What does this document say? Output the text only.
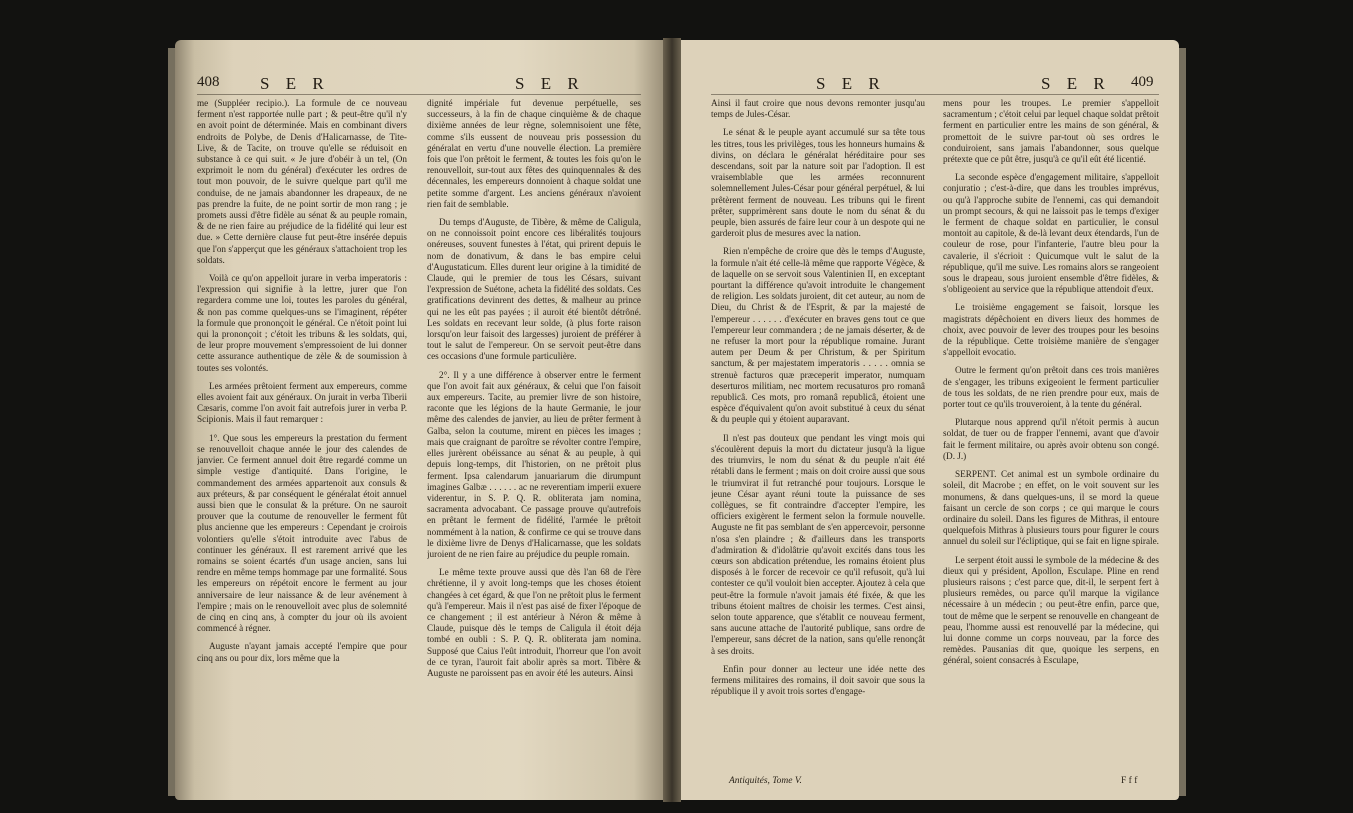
408 S E R	S E R

me (Suppléer recipio.). La formule de ce nouveau ferment n'est rapportée nulle part ; & peut-être qu'il n'y en avoit point de déterminée. Mais en combinant divers endroits de Polybe, de Denis d'Halicarnasse, de Tite-Live, & de Tacite, on trouve qu'elle se réduisoit en substance à ce qui suit. « Je jure d'obéir à un tel, (On exprimoit le nom du général) d'exécuter les ordres de tout mon pouvoir, de le suivre quelque part qu'il me conduise, de ne jamais abandonner les drapeaux, de ne pas prendre la fuite, de ne point sortir de mon rang ; je promets aussi d'être fidèle au sénat & au peuple romain, & de ne rien faire au préjudice de la fidélité qui leur est due. » Cette dernière clause fut peut-être insérée depuis que l'on s'apperçut que les généraux s'attachoient trop les soldats.

Voilà ce qu'on appelloit jurare in verba imperatoris : l'expression qui signifie à la lettre, jurer que l'on regardera comme une loi, toutes les paroles du général, & non pas comme quelques-uns se l'imaginent, répéter la formule que prononçoit le général. Ce n'étoit point lui qui la prononçoit ; c'étoit les tribuns & les soldats, qui, de leur propre mouvement s'empressoient de lui donner cette assurance authentique de zèle & de soumission à toutes ses volontés.

Les armées prêtoient ferment aux empereurs, comme elles avoient fait aux généraux. On jurait in verba Tiberii Cæsaris, comme l'on avoit fait autrefois jurer in verba P. Scipionis. Mais il faut remarquer :

1°. Que sous les empereurs la prestation du ferment se renouvelloit chaque année le jour des calendes de janvier. Ce ferment annuel doit être regardé comme un simple vestige d'antiquité. Dans l'origine, le commandement des armées appartenoit aux consuls & aux préteurs, & par conséquent le généralat étoit annuel aussi bien que le consulat & la préture. On ne sauroit prouver que la coutume de renouveller le ferment fût plus ancienne que les empereurs : Cependant je croirois volontiers qu'elle s'étoit introduite avec l'abus de continuer les généraux. Il est rarement arrivé que les romains se soient écartés d'un usage ancien, sans lui rendre en même temps hommage par une formalité. Sous les empereurs on répétoit encore le ferment au jour anniversaire de leur naissance & de leur avénement à l'empire ; mais on le renouvelloit avec plus de solemnité de cinq en cinq ans, à compter du jour où ils avoient commencé à régner.

Auguste n'ayant jamais accepté l'empire que pour cinq ans ou pour dix, lors même que la

dignité impériale fut devenue perpétuelle, ses successeurs, à la fin de chaque cinquième & de chaque dixième années de leur règne, solemnisoient une fête, comme s'ils eussent de nouveau pris possession du généralat en vertu d'une nouvelle élection. La première fois que l'on prêtoit le ferment, & toutes les fois qu'on le renouvelloit, sur-tout aux fêtes des quinquennales & des décennales, les empereurs donnoient à chaque soldat une petite somme d'argent. Les anciens généraux n'avoient rien fait de semblable.

Du temps d'Auguste, de Tibère, & même de Caligula, on ne connoissoit point encore ces libéralités toujours onéreuses, souvent funestes à l'état, qui prirent depuis le nom de donativum, & dans le bas empire celui d'Augustaticum. Elles durent leur origine à la timidité de Claude, qui le premier de tous les Césars, suivant l'expression de Suétone, acheta la fidélité des soldats. Ces gratifications devinrent des dettes, & malheur au prince qui ne les eût pas payées ; il auroit été bientôt détrôné. Les soldats en recevant leur solde, (à plus forte raison lorsqu'on leur faisoit des largesses) juroient de préférer à tout le salut de l'empereur. On se servoit peut-être dans ces occasions d'une formule particulière.

2°. Il y a une différence à observer entre le ferment que l'on avoit fait aux généraux, & celui que l'on faisoit aux empereurs. Tacite, au premier livre de son histoire, raconte que les légions de la haute Germanie, le jour même des calendes de janvier, au lieu de prêter ferment à Galba, selon la coutume, mirent en pièces les images ; mais que craignant de paroître se révolter contre l'empire, elles jurèrent obéissance au sénat & au peuple, à qui depuis long-temps, dit l'historien, on ne prêtoit plus ferment. Ipsa calendarum januariarum die dirumpunt imagines Galbæ . . . . . . ac ne reverentiam imperii exuere viderentur, in S. P. Q. R. obliterata jam nomina, sacramenta advocabant. Ce passage prouve qu'autrefois en prêtant le ferment de fidélité, l'armée le prêtoit nommément à la nation, & confirme ce qui se trouve dans le dixième livre de Denys d'Halicarnasse, que les soldats juroient de ne rien faire au préjudice du peuple romain.

Le même texte prouve aussi que dès l'an 68 de l'ère chrétienne, il y avoit long-temps que les choses étoient changées à cet égard, & que l'on ne prêtoit plus le ferment qu'à l'empereur. Mais il n'est pas aisé de fixer l'époque de ce changement ; il est antérieur à Néron & même à Claude, puisque dès le temps de Caligula il étoit déja tombé en oubli : S. P. Q. R. obliterata jam nomina. Supposé que Caius l'eût introduit, l'horreur que l'on avoit de ce tyran, l'auroit fait abolir après sa mort. Tibère & Auguste ne paroissent pas en avoir été les auteurs. Ainsi

S E R	S E R 409

Ainsi il faut croire que nous devons remonter jusqu'au temps de Jules-César.

Le sénat & le peuple ayant accumulé sur sa tête tous les titres, tous les privilèges, tous les honneurs humains & divins, on déclara le généralat héréditaire pour ses descendans, soit par la nature soit par l'adoption. Il est vraisemblable que les armées reconnurent solemnellement Jules-César pour général perpétuel, & lui prêtèrent ferment de nouveau. Les tribuns qui le firent prêter, supprimèrent sans doute le nom du sénat & du peuple, bien assurés de faire leur cour à un despote qui ne garderoit plus de mesures avec la nation.

Rien n'empêche de croire que dès le temps d'Auguste, la formule n'ait été celle-là même que rapporte Végèce, & de laquelle on se servoit sous Valentinien II, en exceptant pourtant la différence qu'avoit introduite le changement de religion. Les soldats juroient, dit cet auteur, au nom de Dieu, du Christ & de l'Esprit, & par la majesté de l'empereur . . . . . . d'exécuter en braves gens tout ce que l'empereur leur commandera ; de ne jamais déserter, & de ne refuser la mort pour la république romaine. Jurant autem per Deum & per Christum, & per Spiritum sanctum, & per majestatem imperatoris . . . . . omnia se strenuè facturos quæ præceperit imperator, numquam deserturos militiam, nec mortem recusaturos pro romanâ republicâ. Ces mots, pro romanâ republicâ, étoient une espèce d'équivalent qu'on avoit substitué à ceux du sénat & du peuple qui y étoient auparavant.

Il n'est pas douteux que pendant les vingt mois qui s'écoulèrent depuis la mort du dictateur jusqu'à la ligue des triumvirs, le nom du sénat & du peuple n'ait été rétabli dans le ferment ; mais on doit croire aussi que sous le triumvirat il fut retranché pour toujours. Lorsque le jeune César ayant réuni toute la puissance de ses collègues, se fit contraindre d'accepter l'empire, les officiers exigèrent le ferment selon la formule nouvelle. Auguste ne fit pas semblant de s'en appercevoir, personne n'osa s'en plaindre ; & d'ailleurs dans les transports d'admiration & d'idolâtrie qu'avoit excités dans tous les cœurs son abdication prétendue, les romains étoient plus disposés à le forcer de recevoir ce qu'il refusoit, qu'à lui contester ce qu'il vouloit bien accepter. Ajoutez à cela que peut-être la formule n'avoit jamais été fixée, & que les tribuns étoient maîtres de choisir les termes. C'est ainsi, selon toute apparence, que s'établit ce nouveau ferment, sans aucune attache de l'autorité publique, sans ordre de l'empereur, sans décret de la nation, sans qu'elle renonçât à ses droits.

Enfin pour donner au lecteur une idée nette des fermens militaires des romains, il doit savoir que sous la république il y avoit trois sortes d'engage-

mens pour les troupes. Le premier s'appelloit sacramentum ; c'étoit celui par lequel chaque soldat prêtoit ferment en particulier entre les mains de son général, & promettoit de le suivre par-tout où ses ordres le conduiroient, sans jamais l'abandonner, sous quelque prétexte que ce pût être, jusqu'à ce qu'il eût été licentié.

La seconde espèce d'engagement militaire, s'appelloit conjuratio ; c'est-à-dire, que dans les troubles imprévus, ou qu'à l'approche subite de l'ennemi, cas qui demandoit un prompt secours, & qui ne laissoit pas le temps d'exiger le ferment de chaque soldat en particulier, le consul montoit au capitole, & de-là levant deux étendards, l'un de couleur de rose, pour l'infanterie, l'autre bleu pour la cavalerie, il s'écrioit : Quicumque vult le salut de la république, qu'il me suive. Les romains alors se rangeoient sous le drapeau, sous juroient ensemble d'être fidèles, & s'obligeoient au service que la république attendoit d'eux.

Le troisième engagement se faisoit, lorsque les magistrats dépêchoient en divers lieux des hommes de choix, avec pouvoir de lever des troupes pour les besoins de la république. Cette troisième manière de s'engager s'appelloit evocatio.

Outre le ferment qu'on prêtoit dans ces trois manières de s'engager, les tribuns exigeoient le ferment particulier de tous les soldats, de ne rien prendre pour eux, mais de porter tout ce qu'ils trouveroient, à la tente du général.

Plutarque nous apprend qu'il n'étoit permis à aucun soldat, de tuer ou de frapper l'ennemi, avant que d'avoir fait le ferment militaire, ou après avoir obtenu son congé. (D. J.)

SERPENT. Cet animal est un symbole ordinaire du soleil, dit Macrobe ; en effet, on le voit souvent sur les monumens, & dans quelques-uns, il se mord la queue faisant un cercle de son corps ; ce qui marque le cours ordinaire du soleil. Dans les figures de Mithras, il entoure quelquefois Mithras à plusieurs tours pour figurer le cours annuel du soleil sur l'écliptique, qui se fait en ligne spirale.

Le serpent étoit aussi le symbole de la médecine & des dieux qui y président, Apollon, Esculape. Pline en rend plusieurs raisons ; c'est parce que, dit-il, le serpent fert à plusieurs remèdes, ou parce qu'il marque la vigilance nécessaire à un médecin ; ou peut-être enfin, parce que, tout de même que le serpent se renouvelle en changeant de peau, l'homme aussi est renouvellé par la médecine, qui lui donne comme un corps nouveau, par la force des remèdes. Pausanias dit que, quoique les serpens, en général, soient consacrés à Esculape,

Antiquités, Tome V.	F f f
